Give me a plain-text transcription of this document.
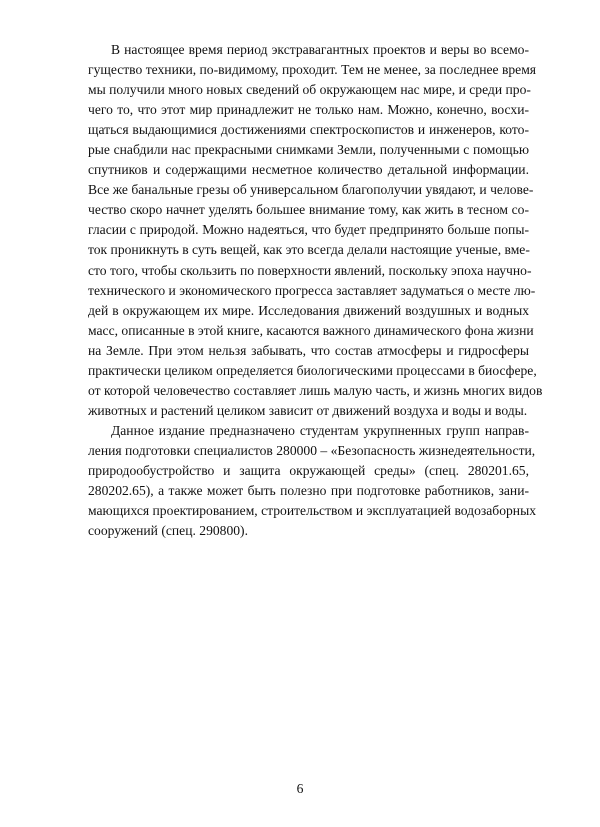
В настоящее время период экстравагантных проектов и веры во всемо-
гущество техники, по-видимому, проходит. Тем не менее, за последнее время
мы получили много новых сведений об окружающем нас мире, и среди про-
чего то, что этот мир принадлежит не только нам. Можно, конечно, восхи-
щаться выдающимися достижениями спектроскопистов и инженеров, кото-
рые снабдили нас прекрасными снимками Земли, полученными с помощью
спутников и содержащими несметное количество детальной информации.
Все же банальные грезы об универсальном благополучии увядают, и челове-
чество скоро начнет уделять большее внимание тому, как жить в тесном со-
гласии с природой. Можно надеяться, что будет предпринято больше попы-
ток проникнуть в суть вещей, как это всегда делали настоящие ученые, вме-
сто того, чтобы скользить по поверхности явлений, поскольку эпоха научно-
технического и экономического прогресса заставляет задуматься о месте лю-
дей в окружающем их мире. Исследования движений воздушных и водных
масс, описанные в этой книге, касаются важного динамического фона жизни
на Земле. При этом нельзя забывать, что состав атмосферы и гидросферы
практически целиком определяется биологическими процессами в биосфере,
от которой человечество составляет лишь малую часть, и жизнь многих видов
животных и растений целиком зависит от движений воздуха и воды и воды.
Данное издание предназначено студентам укрупненных групп направ-
ления подготовки специалистов 280000 – «Безопасность жизнедеятельности,
природообустройство и защита окружающей среды» (спец. 280201.65,
280202.65), а также может быть полезно при подготовке работников, зани-
мающихся проектированием, строительством и эксплуатацией водозаборных
сооружений (спец. 290800).
6
